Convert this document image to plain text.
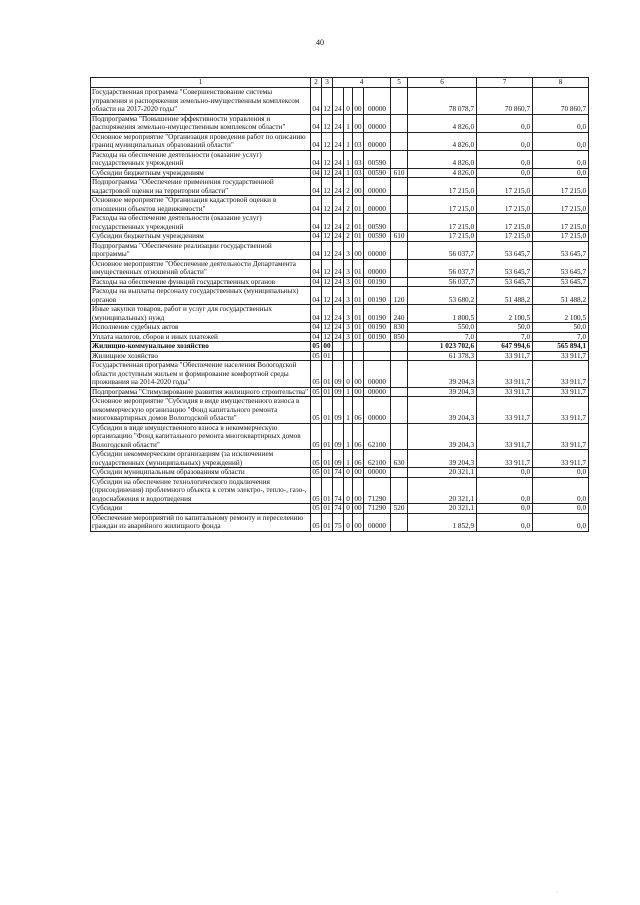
40
1	2	3	4				5	6	7	8
Государственная программа "Совершенствование системы управления и распоряжения земельно-имущественным комплексом области на 2017-2020 годы"	04	12	24	0	00	00000		78 078,7	70 860,7	70 860,7
Подпрограмма "Повышение эффективности управления и распоряжения земельно-имущественным комплексом области"	04	12	24	1	00	00000		4 826,0	0,0	0,0
Основное мероприятие "Организация проведения работ по описанию границ муниципальных образований области"	04	12	24	1	03	00000		4 826,0	0,0	0,0
Расходы на обеспечение деятельности (оказание услуг) государственных учреждений	04	12	24	1	03	00590		4 826,0	0,0	0,0
Субсидии бюджетным учреждениям	04	12	24	1	03	00590	610	4 826,0	0,0	0,0
Подпрограмма "Обеспечение применения государственной кадастровой оценки на территории области"	04	12	24	2	00	00000		17 215,0	17 215,0	17 215,0
Основное мероприятие "Организация кадастровой оценки в отношении объектов недвижимости"	04	12	24	2	01	00000		17 215,0	17 215,0	17 215,0
Расходы на обеспечение деятельности (оказание услуг) государственных учреждений	04	12	24	2	01	00590		17 215,0	17 215,0	17 215,0
Субсидии бюджетным учреждениям	04	12	24	2	01	00590	610	17 215,0	17 215,0	17 215,0
Подпрограмма "Обеспечение реализации государственной программы"	04	12	24	3	00	00000		56 037,7	53 645,7	53 645,7
Основное мероприятие "Обеспечение деятельности Департамента имущественных отношений области"	04	12	24	3	01	00000		56 037,7	53 645,7	53 645,7
Расходы на обеспечение функций государственных органов	04	12	24	3	01	00190		56 037,7	53 645,7	53 645,7
Расходы на выплаты персоналу государственных (муниципальных) органов	04	12	24	3	01	00190	120	53 680,2	51 488,2	51 488,2
Иные закупки товаров, работ и услуг для государственных (муниципальных) нужд	04	12	24	3	01	00190	240	1 800,5	2 100,5	2 100,5
Исполнение судебных актов	04	12	24	3	01	00190	830	550,0	50,0	50,0
Уплата налогов, сборов и иных платежей	04	12	24	3	01	00190	850	7,0	7,0	7,0
Жилищно-коммунальное хозяйство	05	00						1 023 702,6	647 994,6	565 894,1
Жилищное хозяйство	05	01						61 378,3	33 911,7	33 911,7
Государственная программа "Обеспечение населения Вологодской области доступным жильем и формирование комфортной среды проживания на 2014-2020 годы"	05	01	09	0	00	00000		39 204,3	33 911,7	33 911,7
Подпрограмма "Стимулирование развития жилищного строительства"	05	01	09	1	00	00000		39 204,3	33 911,7	33 911,7
Основное мероприятие "Субсидия в виде имущественного взноса в некоммерческую организацию "Фонд капитального ремонта многоквартирных домов Вологодской области"	05	01	09	1	06	00000		39 204,3	33 911,7	33 911,7
Субсидии в виде имущественного взноса в некоммерческую организацию "Фонд капитального ремонта многоквартирных домов Вологодской области"	05	01	09	1	06	62100		39 204,3	33 911,7	33 911,7
Субсидии некоммерческим организациям (за исключением государственных (муниципальных) учреждений)	05	01	09	1	06	62100	630	39 204,3	33 911,7	33 911,7
Субсидии муниципальным образованиям области	05	01	74	0	00	00000		20 321,1	0,0	0,0
Субсидии на обеспечение технологического подключения (присоединения) проблемного объекта к сетям электро-, тепло-, газо-, водоснабжения и водоотведения	05	01	74	0	00	71290		20 321,1	0,0	0,0
Субсидии	05	01	74	0	00	71290	520	20 321,1	0,0	0,0
Обеспечение мероприятий по капитальному ремонту и переселению граждан из аварийного жилищного фонда	05	01	75	0	00	00000		1 852,9	0,0	0,0
·
